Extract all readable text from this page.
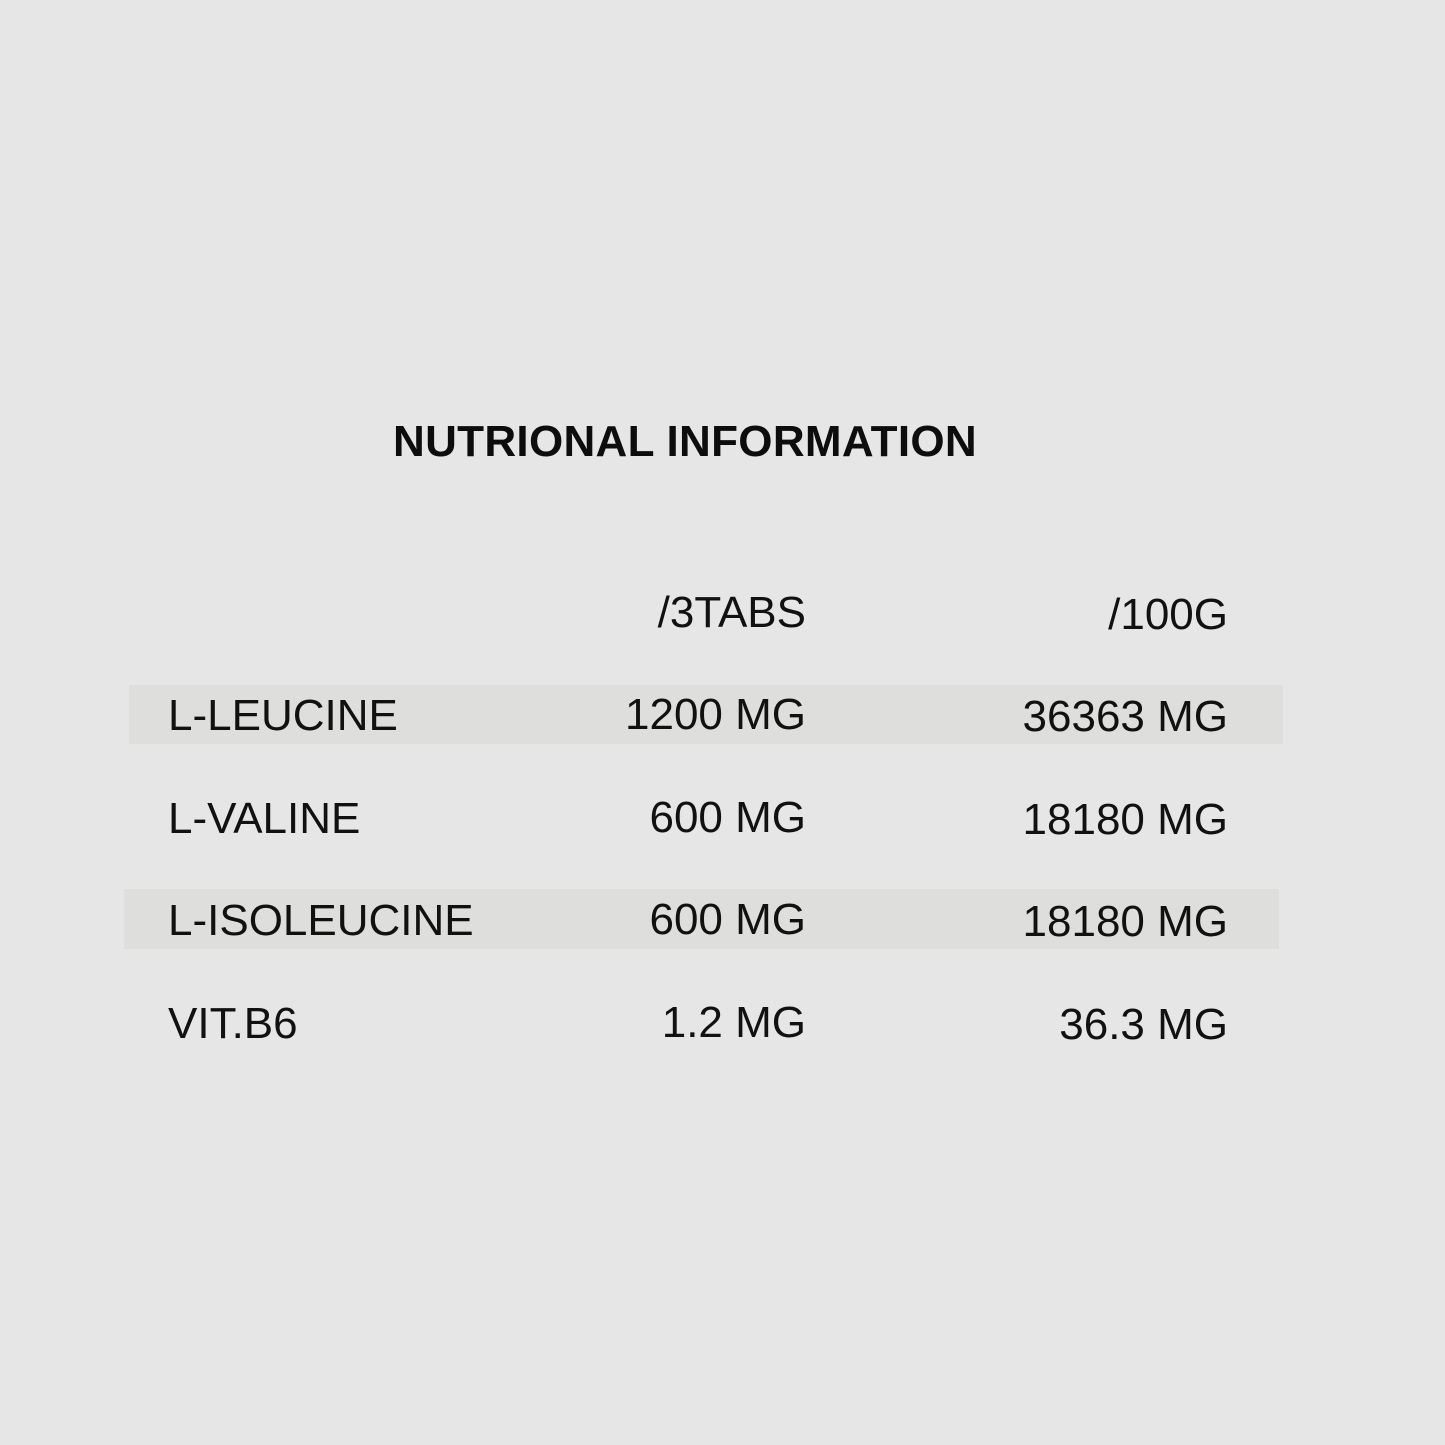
NUTRIONAL INFORMATION
/3TABS	/100G
L-LEUCINE	1200 MG	36363 MG
L-VALINE	600 MG	18180 MG
L-ISOLEUCINE	600 MG	18180 MG
VIT.B6	1.2 MG	36.3 MG
